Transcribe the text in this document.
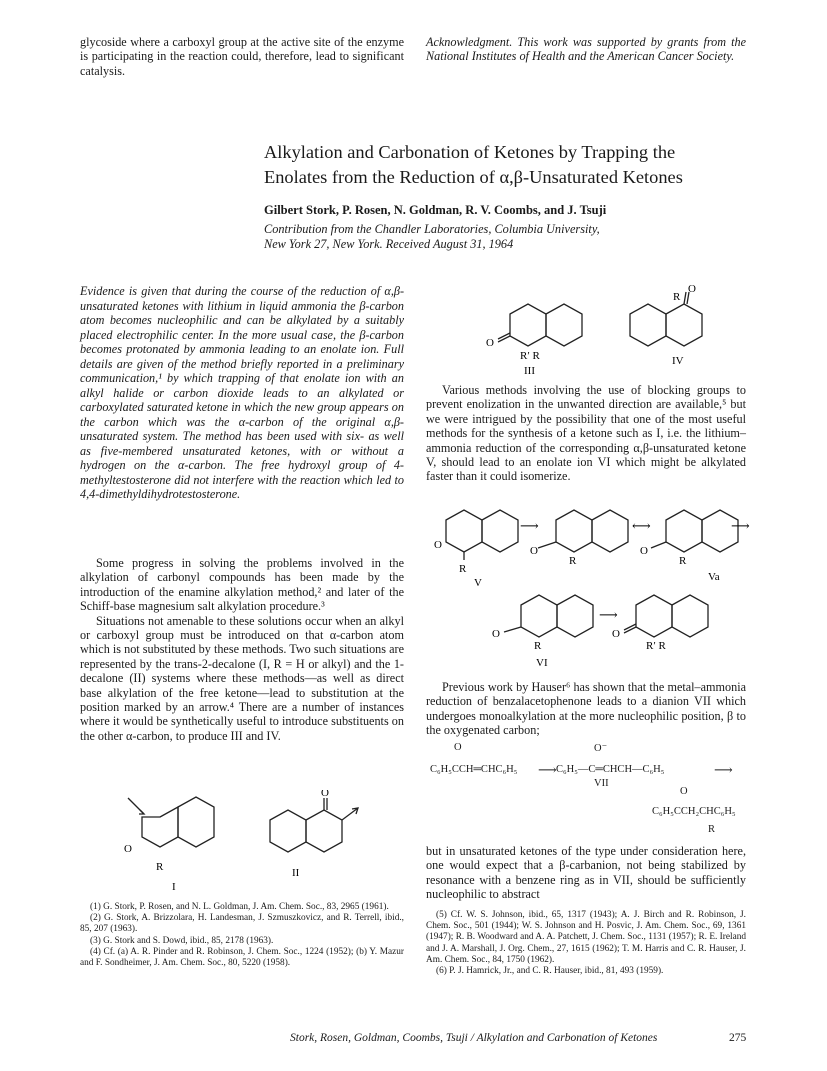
glycoside where a carboxyl group at the active site of the enzyme is participating in the reaction could, therefore, lead to significant catalysis.
Acknowledgment. This work was supported by grants from the National Institutes of Health and the American Cancer Society.
Alkylation and Carbonation of Ketones by Trapping the
Enolates from the Reduction of α,β-Unsaturated Ketones
Gilbert Stork, P. Rosen, N. Goldman, R. V. Coombs, and J. Tsuji
Contribution from the Chandler Laboratories, Columbia University,
New York 27, New York. Received August 31, 1964
Evidence is given that during the course of the reduction of α,β-unsaturated ketones with lithium in liquid ammonia the β-carbon atom becomes nucleophilic and can be alkylated by a suitably placed electrophilic center. In the more usual case, the β-carbon becomes protonated by ammonia leading to an enolate ion. Full details are given of the method briefly reported in a preliminary communication,¹ by which trapping of that enolate ion with an alkyl halide or carbon dioxide leads to an alkylated or carboxylated saturated ketone in which the new group appears on the carbon which was the α-carbon of the original α,β-unsaturated system. The method has been used with six- as well as five-membered unsaturated ketones, with or without a hydrogen on the α-carbon. The free hydroxyl group of 4-methyltestosterone did not interfere with the reaction which led to 4,4-dimethyldihydrotestosterone.

Some progress in solving the problems involved in the alkylation of carbonyl compounds has been made by the introduction of the enamine alkylation method,² and later of the Schiff-base magnesium salt alkylation procedure.³

Situations not amenable to these solutions occur when an alkyl or carboxyl group must be introduced on that α-carbon atom which is not substituted by these methods. Two such situations are represented by the trans-2-decalone (I, R = H or alkyl) and the 1-decalone (II) systems where these methods—as well as direct base alkylation of the free ketone—lead to substitution at the position marked by an arrow.⁴ There are a number of instances where it would be synthetically useful to introduce substituents on the other α-carbon, to produce III and IV.

O
R
I
O
II

(1) G. Stork, P. Rosen, and N. L. Goldman, J. Am. Chem. Soc., 83, 2965 (1961).

(2) G. Stork, A. Brizzolara, H. Landesman, J. Szmuszkovicz, and R. Terrell, ibid., 85, 207 (1963).

(3) G. Stork and S. Dowd, ibid., 85, 2178 (1963).

(4) Cf. (a) A. R. Pinder and R. Robinson, J. Chem. Soc., 1224 (1952); (b) Y. Mazur and F. Sondheimer, J. Am. Chem. Soc., 80, 5220 (1958).

O
R′ R
III
R
O
IV

Various methods involving the use of blocking groups to prevent enolization in the unwanted direction are available,⁵ but we were intrigued by the possibility that one of the most useful methods for the synthesis of a ketone such as I, i.e. the lithium–ammonia reduction of the corresponding α,β-unsaturated ketone V, should lead to an enolate ion VI which might be alkylated faster than it could isomerize.

O
R
V
⟶
O
R
⟷
O
R
Va
⟶
O
R
VI
⟶
O
R′ R

Previous work by Hauser⁶ has shown that the metal–ammonia reduction of benzalacetophenone leads to a dianion VII which undergoes monoalkylation at the more nucleophilic position, β to the oxygenated carbon;

O
C₆H₅CCH═CHC₆H₅ ⟶
O⁻
C₆H₅—C═CHCH—C₆H₅
VII
⟶
O
C₆H₅CCH₂CHC₆H₅
R

but in unsaturated ketones of the type under consideration here, one would expect that a β-carbanion, not being stabilized by resonance with a benzene ring as in VII, should be sufficiently nucleophilic to abstract

(5) Cf. W. S. Johnson, ibid., 65, 1317 (1943); A. J. Birch and R. Robinson, J. Chem. Soc., 501 (1944); W. S. Johnson and H. Posvic, J. Am. Chem. Soc., 69, 1361 (1947); R. B. Woodward and A. A. Patchett, J. Chem. Soc., 1131 (1957); R. E. Ireland and J. A. Marshall, J. Org. Chem., 27, 1615 (1962); T. M. Harris and C. R. Hauser, J. Am. Chem. Soc., 84, 1750 (1962).

(6) P. J. Hamrick, Jr., and C. R. Hauser, ibid., 81, 493 (1959).

Stork, Rosen, Goldman, Coombs, Tsuji / Alkylation and Carbonation of Ketones	275
